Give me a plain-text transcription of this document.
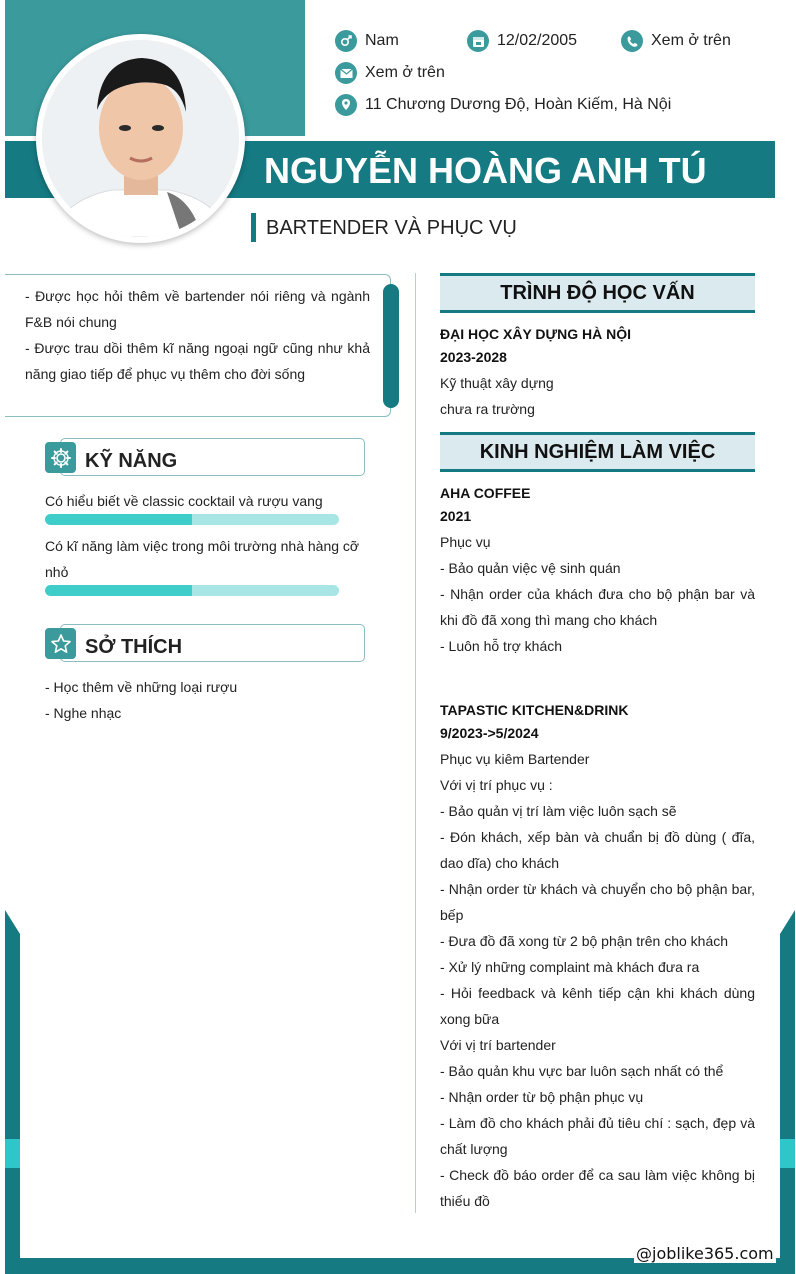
NGUYỄN HOÀNG ANH TÚ
BARTENDER VÀ PHỤC VỤ
Nam	12/02/2005	Xem ở trên
Xem ở trên
11 Chương Dương Độ, Hoàn Kiếm, Hà Nội
- Được học hỏi thêm về bartender nói riêng và ngành F&B nói chung
- Được trau dồi thêm kĩ năng ngoại ngữ cũng như khả năng giao tiếp để phục vụ thêm cho đời sống
KỸ NĂNG
Có hiểu biết về classic cocktail và rượu vang
Có kĩ năng làm việc trong môi trường nhà hàng cỡ nhỏ
SỞ THÍCH
- Học thêm về những loại rượu
- Nghe nhạc
TRÌNH ĐỘ HỌC VẤN
ĐẠI HỌC XÂY DỰNG HÀ NỘI
2023-2028
Kỹ thuật xây dựng
chưa ra trường
KINH NGHIỆM LÀM VIỆC
AHA COFFEE
2021
Phục vụ
- Bảo quản việc vệ sinh quán
- Nhận order của khách đưa cho bộ phận bar và khi đồ đã xong thì mang cho khách
- Luôn hỗ trợ khách
TAPASTIC KITCHEN&DRINK
9/2023->5/2024
Phục vụ kiêm Bartender
Với vị trí phục vụ :
- Bảo quản vị trí làm việc luôn sạch sẽ
- Đón khách, xếp bàn và chuẩn bị đồ dùng ( đĩa, dao dĩa) cho khách
- Nhận order từ khách và chuyển cho bộ phận bar, bếp
- Đưa đồ đã xong từ 2 bộ phận trên cho khách
- Xử lý những complaint mà khách đưa ra
- Hỏi feedback và kênh tiếp cận khi khách dùng xong bữa
Với vị trí bartender
- Bảo quản khu vực bar luôn sạch nhất có thể
- Nhận order từ bộ phận phục vụ
- Làm đồ cho khách phải đủ tiêu chí : sạch, đẹp và chất lượng
- Check đồ báo order để ca sau làm việc không bị thiếu đồ
@joblike365.com
